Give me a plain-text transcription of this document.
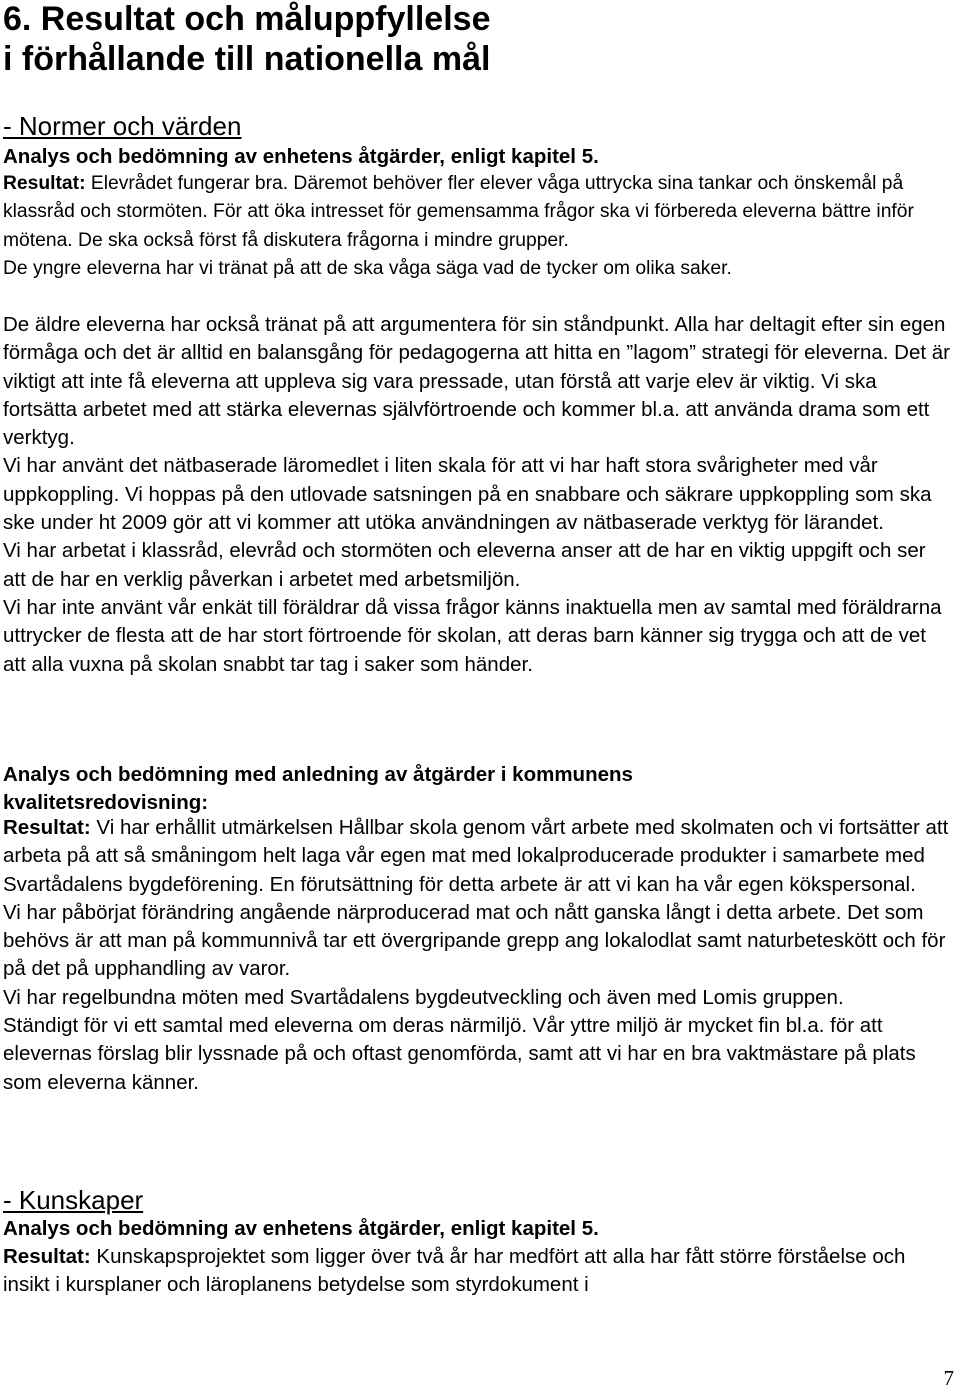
6. Resultat och måluppfyllelse
i förhållande till nationella mål
- Normer och värden
Analys och bedömning av enhetens åtgärder, enligt kapitel 5.

Resultat: Elevrådet fungerar bra. Däremot behöver fler elever våga uttrycka sina tankar och önskemål på klassråd och stormöten. För att öka intresset för gemensamma frågor ska vi förbereda eleverna bättre inför mötena. De ska också först få diskutera frågorna i mindre grupper.

De yngre eleverna har vi tränat på att de ska våga säga vad de tycker om olika saker.

De äldre eleverna har också tränat på att argumentera för sin ståndpunkt. Alla har deltagit efter sin egen förmåga och det är alltid en balansgång för pedagogerna att hitta en ”lagom” strategi för eleverna. Det är viktigt att inte få eleverna att uppleva sig vara pressade, utan förstå att varje elev är viktig. Vi ska fortsätta arbetet med att stärka elevernas självförtroende och kommer bl.a. att använda drama som ett verktyg.

Vi har använt det nätbaserade läromedlet i liten skala för att vi har haft stora svårigheter med vår uppkoppling. Vi hoppas på den utlovade satsningen på en snabbare och säkrare uppkoppling som ska ske under ht 2009 gör att vi kommer att utöka användningen av nätbaserade verktyg för lärandet.

Vi har arbetat i klassråd, elevråd och stormöten och eleverna anser att de har en viktig uppgift och ser att de har en verklig påverkan i arbetet med arbetsmiljön.

Vi har inte använt vår enkät till föräldrar då vissa frågor känns inaktuella men av samtal med föräldrarna uttrycker de flesta att de har stort förtroende för skolan, att deras barn känner sig trygga och att de vet att alla vuxna på skolan snabbt tar tag i saker som händer.

Analys och bedömning med anledning av åtgärder i kommunens kvalitetsredovisning:

Resultat: Vi har erhållit utmärkelsen Hållbar skola genom vårt arbete med skolmaten och vi fortsätter att arbeta på att så småningom helt laga vår egen mat med lokalproducerade produkter i samarbete med Svartådalens bygdeförening. En förutsättning för detta arbete är att vi kan ha vår egen kökspersonal.

Vi har påbörjat förändring angående närproducerad mat och nått ganska långt i detta arbete. Det som behövs är att man på kommunnivå tar ett övergripande grepp ang lokalodlat samt naturbeteskött och för på det på upphandling av varor.

Vi har regelbundna möten med Svartådalens bygdeutveckling och även med Lomis gruppen.

Ständigt för vi ett samtal med eleverna om deras närmiljö. Vår yttre miljö är mycket fin bl.a. för att elevernas förslag blir lyssnade på och oftast genomförda, samt att vi har en bra vaktmästare på plats som eleverna känner.

- Kunskaper
Analys och bedömning av enhetens åtgärder, enligt kapitel 5.

Resultat: Kunskapsprojektet som ligger över två år har medfört att alla har fått större förståelse och insikt i kursplaner och läroplanens betydelse som styrdokument i

7
